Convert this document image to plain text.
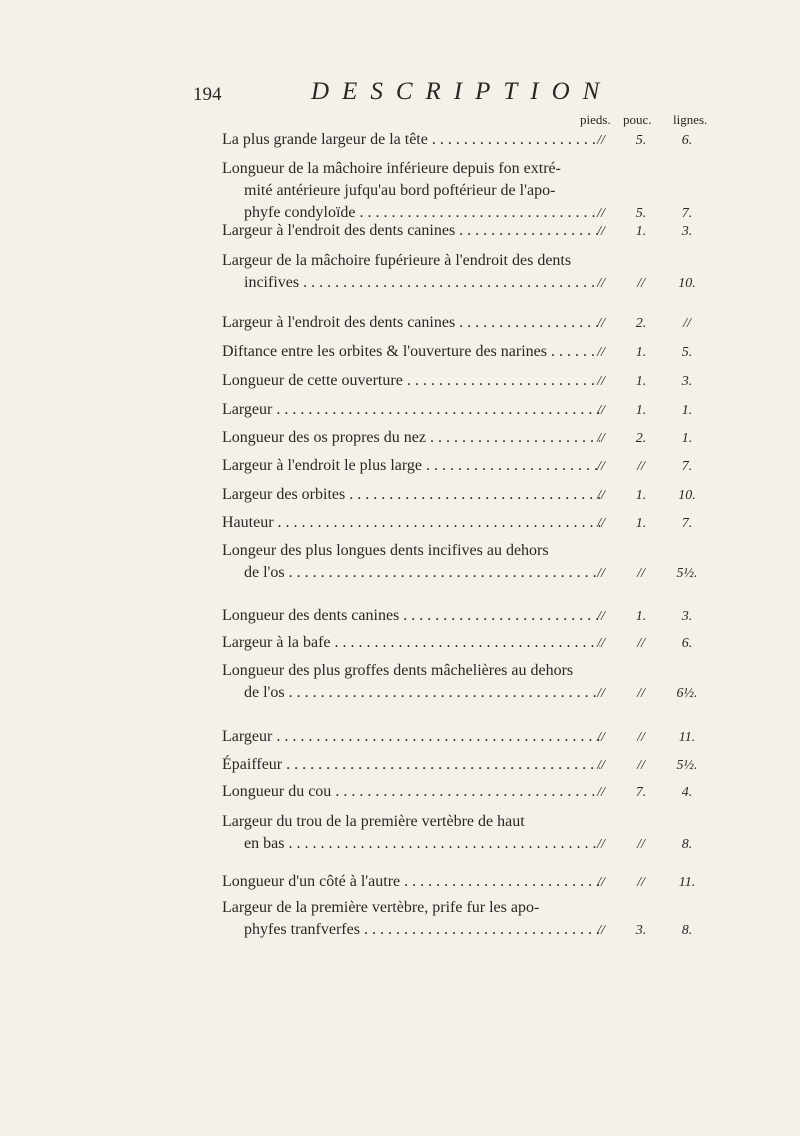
194	DESCRIPTION
pieds. pouc. lignes.
La plus grande largeur de la tête . . .	//	5.	6.
Longueur de la mâchoire inférieure depuis fon extré-
mité antérieure jufqu'au bord poftérieur de l'apo-
phyfe condyloïde . . .	//	5.	7.
Largeur à l'endroit des dents canines . . .	//	1.	3.
Largeur de la mâchoire fupérieure à l'endroit des dents
incifives . . .	//	//	10.
Largeur à l'endroit des dents canines . . .	//	2.	//
Diftance entre les orbites & l'ouverture des narines . . .	//	1.	5.
Longueur de cette ouverture . . .	//	1.	3.
Largeur . . .	//	1.	1.
Longueur des os propres du nez . . .	//	2.	1.
Largeur à l'endroit le plus large . . .	//	//	7.
Largeur des orbites . . .	//	1.	10.
Hauteur . . .	//	1.	7.
Longeur des plus longues dents incifives au dehors
de l'os . . .	//	//	5½.
Longueur des dents canines . . .	//	1.	3.
Largeur à la bafe . . .	//	//	6.
Longueur des plus groffes dents mâchelières au dehors
de l'os . . .	//	//	6½.
Largeur . . .	//	//	11.
Épaiffeur . . .	//	//	5½.
Longueur du cou . . .	//	7.	4.
Largeur du trou de la première vertèbre de haut
en bas . . .	//	//	8.
Longueur d'un côté à l'autre . . .	//	//	11.
Largeur de la première vertèbre, prife fur les apo-
phyfes tranfverfes . . .	//	3.	8.
